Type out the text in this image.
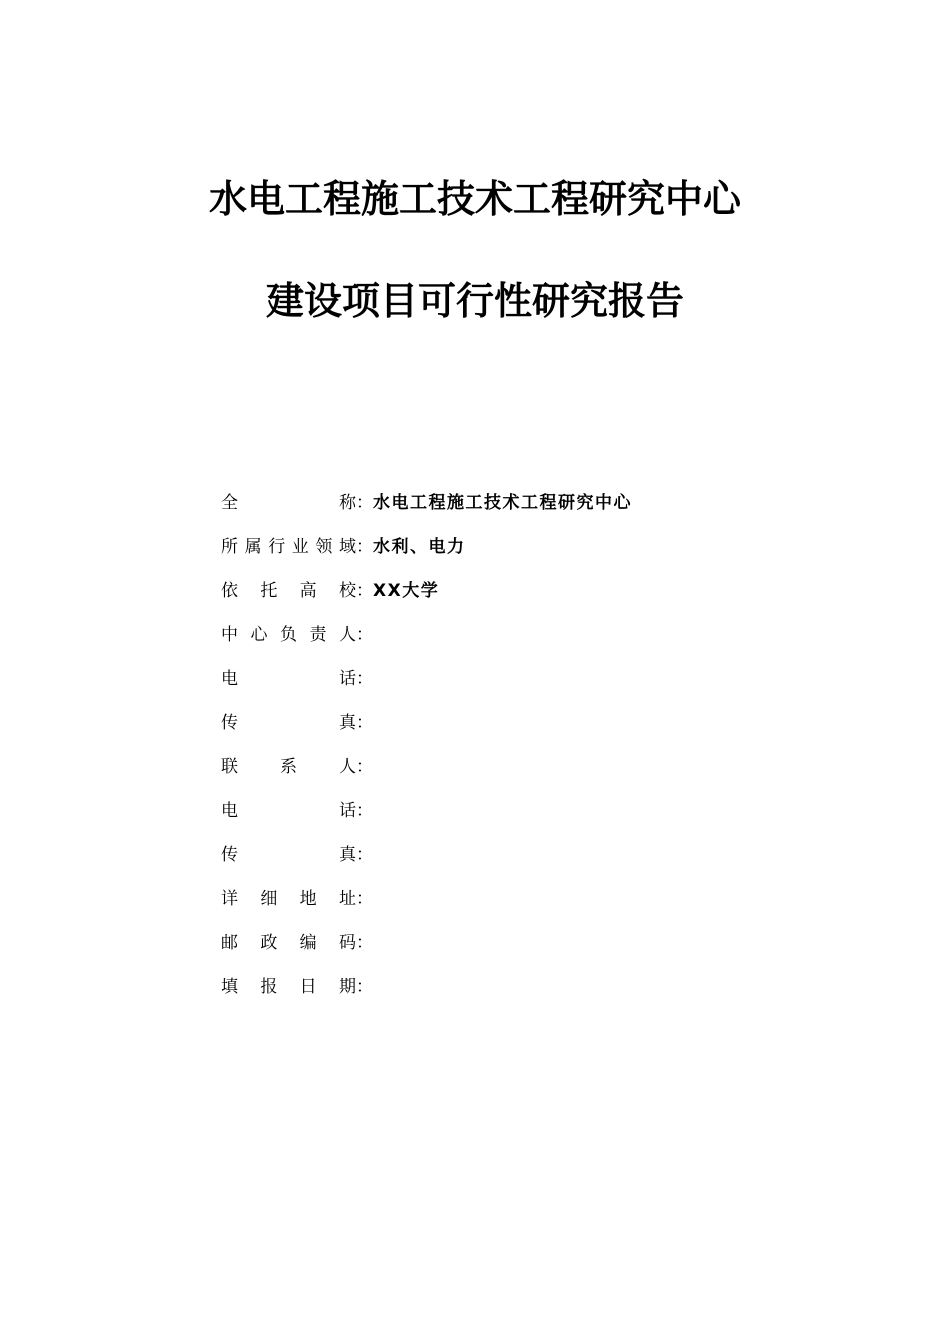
水电工程施工技术工程研究中心
建设项目可行性研究报告
全	称 ： 水电工程施工技术工程研究中心
所 属 行 业 领 域 ： 水利、电力
依 托 高 校 ： XX大学
中 心 负 责 人 ：
电	话 ：
传	真 ：
联 系 人 ：
电	话 ：
传	真 ：
详 细 地 址 ：
邮 政 编 码 ：
填 报 日 期 ：
